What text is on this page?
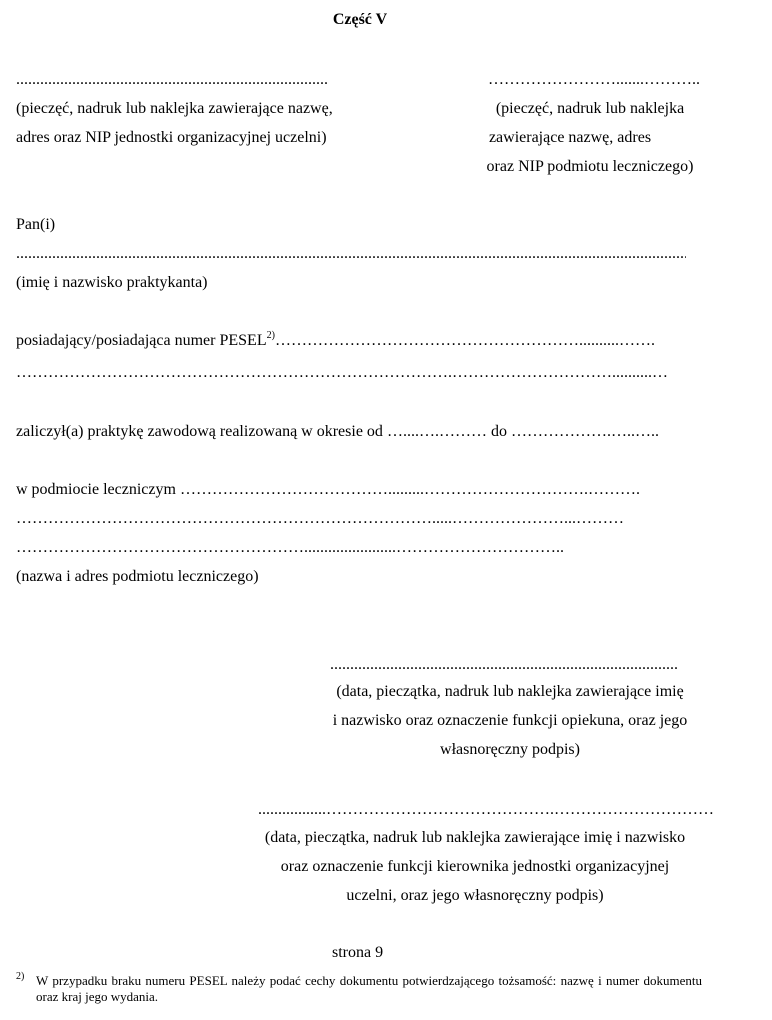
Część V
..............................................................................
(pieczęć, nadruk lub naklejka zawierające nazwę,
adres oraz NIP jednostki organizacyjnej uczelni)
…………………….......………..
(pieczęć, nadruk lub naklejka
zawierające nazwę, adres
oraz NIP podmiotu leczniczego)
Pan(i)
.....
(imię i nazwisko praktykanta)
posiadający/posiadająca numer PESEL$^{2)}$…………………………………………………..........…….
……………………………………………………………………….…………………………..........…
zaliczył(a) praktykę zawodową realizowaną w okresie od …....….……… do ……………….…..…..
w podmiocie leczniczym ………………………………….........………………………….……….
…………………………………………………………………….....…………………...………
……………………………………………….......................…………………………..
(nazwa i adres podmiotu leczniczego)
.......................................................................................
(data, pieczątka, nadruk lub naklejka zawierające imię
i nazwisko oraz oznaczenie funkcji opiekuna, oraz jego
własnoręczny podpis)
.................…………………………………….…………………………
(data, pieczątka, nadruk lub naklejka zawierające imię i nazwisko
oraz oznaczenie funkcji kierownika jednostki organizacyjnej
uczelni, oraz jego własnoręczny podpis)
strona 9
2) W przypadku braku numeru PESEL należy podać cechy dokumentu potwierdzającego tożsamość: nazwę i numer dokumentu oraz kraj jego wydania.
